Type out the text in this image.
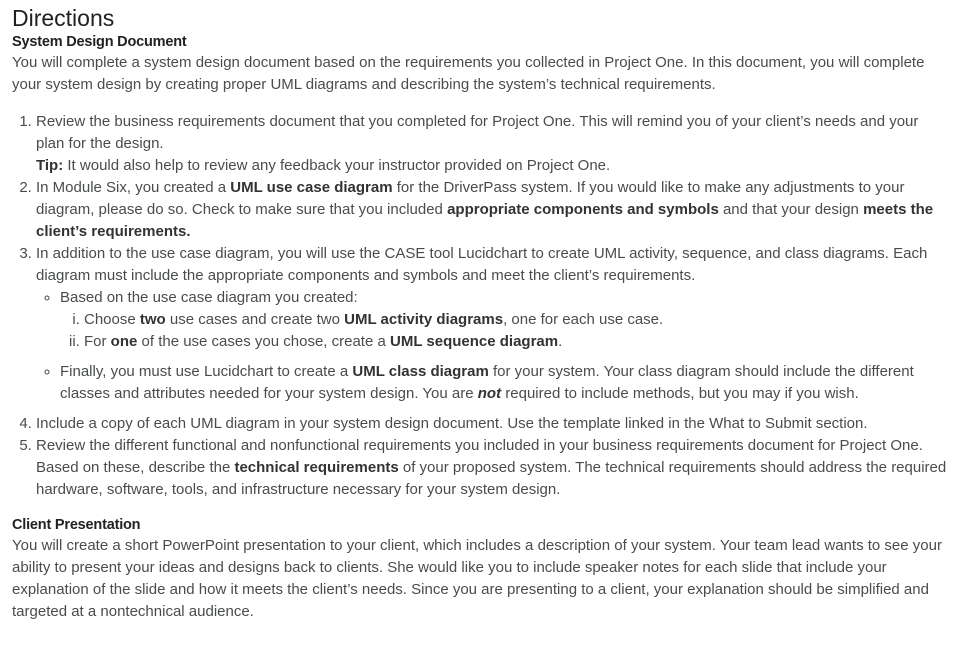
Directions
System Design Document

You will complete a system design document based on the requirements you collected in Project One. In this document, you will complete your system design by creating proper UML diagrams and describing the system’s technical requirements.

1. Review the business requirements document that you completed for Project One. This will remind you of your client’s needs and your plan for the design.
Tip: It would also help to review any feedback your instructor provided on Project One.
2. In Module Six, you created a UML use case diagram for the DriverPass system. If you would like to make any adjustments to your diagram, please do so. Check to make sure that you included appropriate components and symbols and that your design meets the client’s requirements.
3. In addition to the use case diagram, you will use the CASE tool Lucidchart to create UML activity, sequence, and class diagrams. Each diagram must include the appropriate components and symbols and meet the client’s requirements.
◦ Based on the use case diagram you created:
i. Choose two use cases and create two UML activity diagrams, one for each use case.
ii. For one of the use cases you chose, create a UML sequence diagram.
◦ Finally, you must use Lucidchart to create a UML class diagram for your system. Your class diagram should include the different classes and attributes needed for your system design. You are not required to include methods, but you may if you wish.
4. Include a copy of each UML diagram in your system design document. Use the template linked in the What to Submit section.
5. Review the different functional and nonfunctional requirements you included in your business requirements document for Project One. Based on these, describe the technical requirements of your proposed system. The technical requirements should address the required hardware, software, tools, and infrastructure necessary for your system design.
Client Presentation

You will create a short PowerPoint presentation to your client, which includes a description of your system. Your team lead wants to see your ability to present your ideas and designs back to clients. She would like you to include speaker notes for each slide that include your explanation of the slide and how it meets the client’s needs. Since you are presenting to a client, your explanation should be simplified and targeted at a nontechnical audience.
